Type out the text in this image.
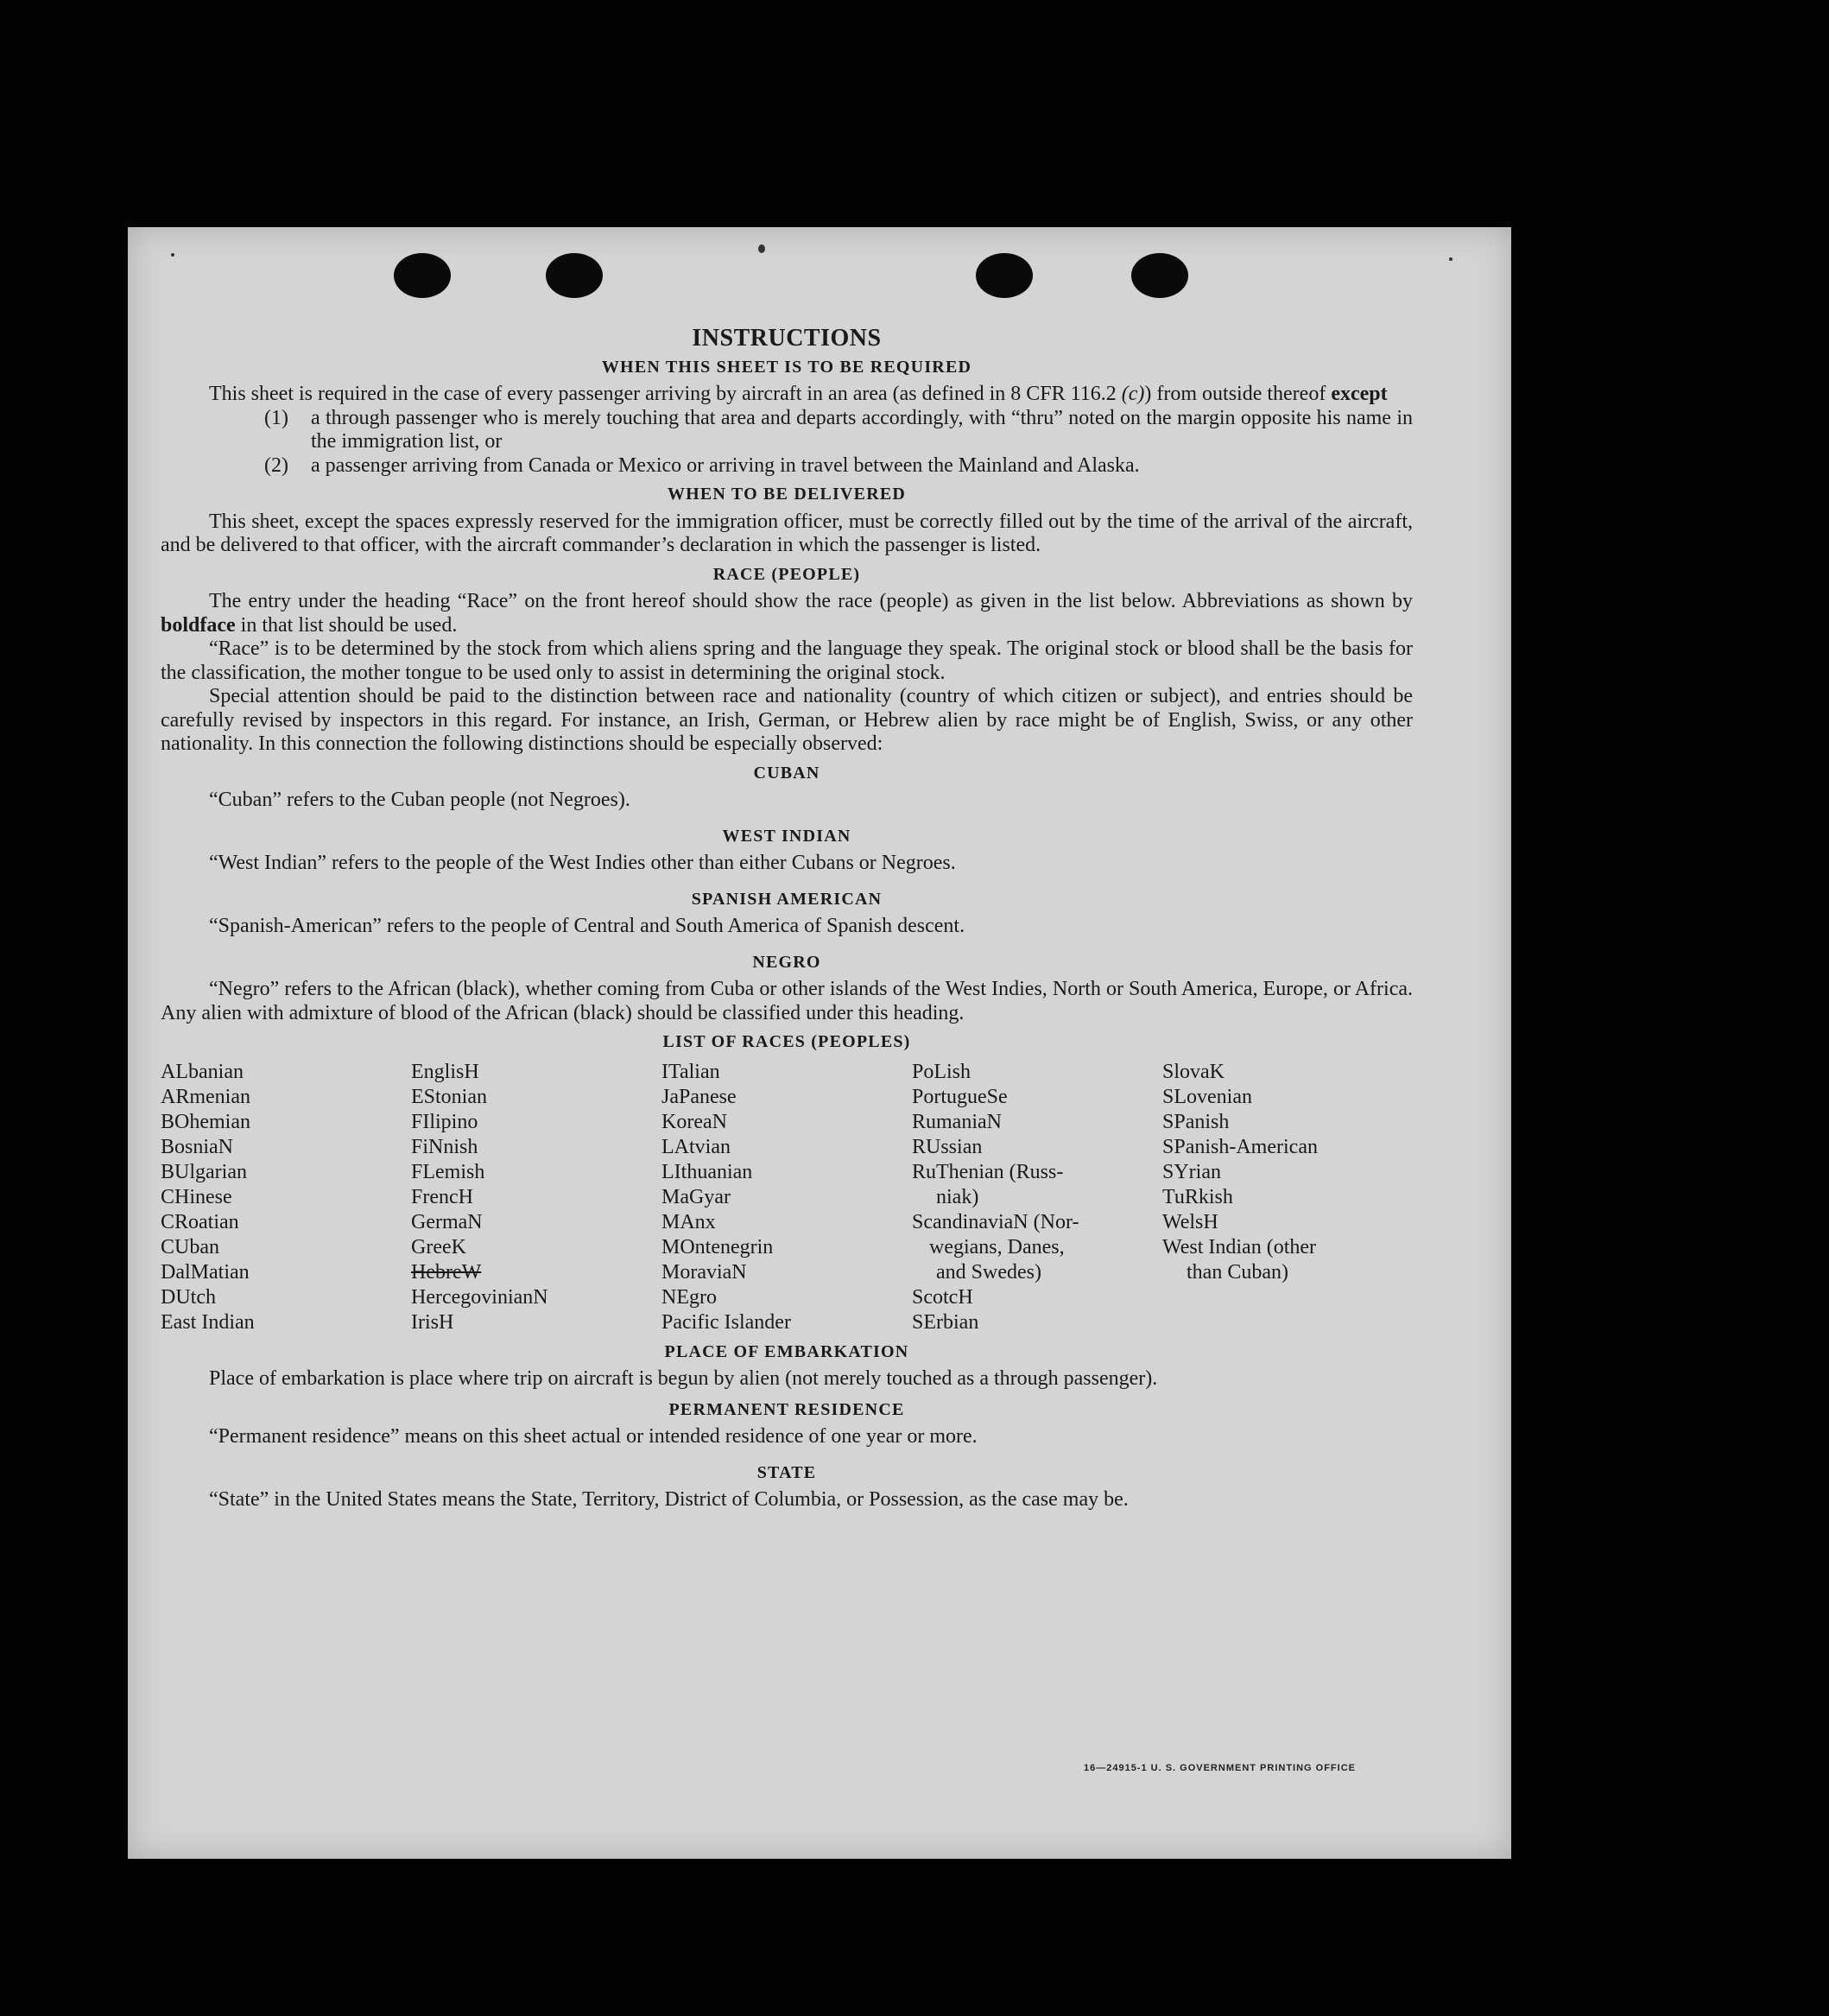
INSTRUCTIONS
WHEN THIS SHEET IS TO BE REQUIRED

This sheet is required in the case of every passenger arriving by aircraft in an area (as defined in 8 CFR 116.2 (c)) from outside thereof except

(1)	a through passenger who is merely touching that area and departs accordingly, with “thru” noted on the margin opposite his name in the immigration list, or
(2)	a passenger arriving from Canada or Mexico or arriving in travel between the Mainland and Alaska.
WHEN TO BE DELIVERED

This sheet, except the spaces expressly reserved for the immigration officer, must be correctly filled out by the time of the arrival of the aircraft, and be delivered to that officer, with the aircraft commander’s declaration in which the passenger is listed.

RACE (PEOPLE)

The entry under the heading “Race” on the front hereof should show the race (people) as given in the list below. Abbreviations as shown by boldface in that list should be used.

“Race” is to be determined by the stock from which aliens spring and the language they speak. The original stock or blood shall be the basis for the classification, the mother tongue to be used only to assist in determining the original stock.

Special attention should be paid to the distinction between race and nationality (country of which citizen or subject), and entries should be carefully revised by inspectors in this regard. For instance, an Irish, German, or Hebrew alien by race might be of English, Swiss, or any other nationality. In this connection the following distinctions should be especially observed:

CUBAN

“Cuban” refers to the Cuban people (not Negroes).

WEST INDIAN

“West Indian” refers to the people of the West Indies other than either Cubans or Negroes.

SPANISH AMERICAN

“Spanish-American” refers to the people of Central and South America of Spanish descent.

NEGRO

“Negro” refers to the African (black), whether coming from Cuba or other islands of the West Indies, North or South America, Europe, or Africa. Any alien with admixture of blood of the African (black) should be classified under this heading.

LIST OF RACES (PEOPLES)
ALbanian
ARmenian
BOhemian
BosniaN
BUlgarian
CHinese
CRoatian
CUban
DalMatian
DUtch
East Indian
EnglisH
EStonian
FIlipino
FiNnish
FLemish
FrencH
GermaN
GreeK
HebreW
HercegovinianN
IrisH
ITalian
JaPanese
KoreaN
LAtvian
LIthuanian
MaGyar
MAnx
MOntenegrin
MoraviaN
NEgro
Pacific Islander
PoLish
PortugueSe
RumaniaN
RUssian
RuThenian (Russ-
niak)
ScandinaviaN (Nor-
wegians, Danes,
and Swedes)
ScotcH
SErbian
SlovaK
SLovenian
SPanish
SPanish-American
SYrian
TuRkish
WelsH
West Indian (other
than Cuban)
PLACE OF EMBARKATION

Place of embarkation is place where trip on aircraft is begun by alien (not merely touched as a through passenger).

PERMANENT RESIDENCE

“Permanent residence” means on this sheet actual or intended residence of one year or more.

STATE

“State” in the United States means the State, Territory, District of Columbia, or Possession, as the case may be.

16—24915-1 U. S. GOVERNMENT PRINTING OFFICE
